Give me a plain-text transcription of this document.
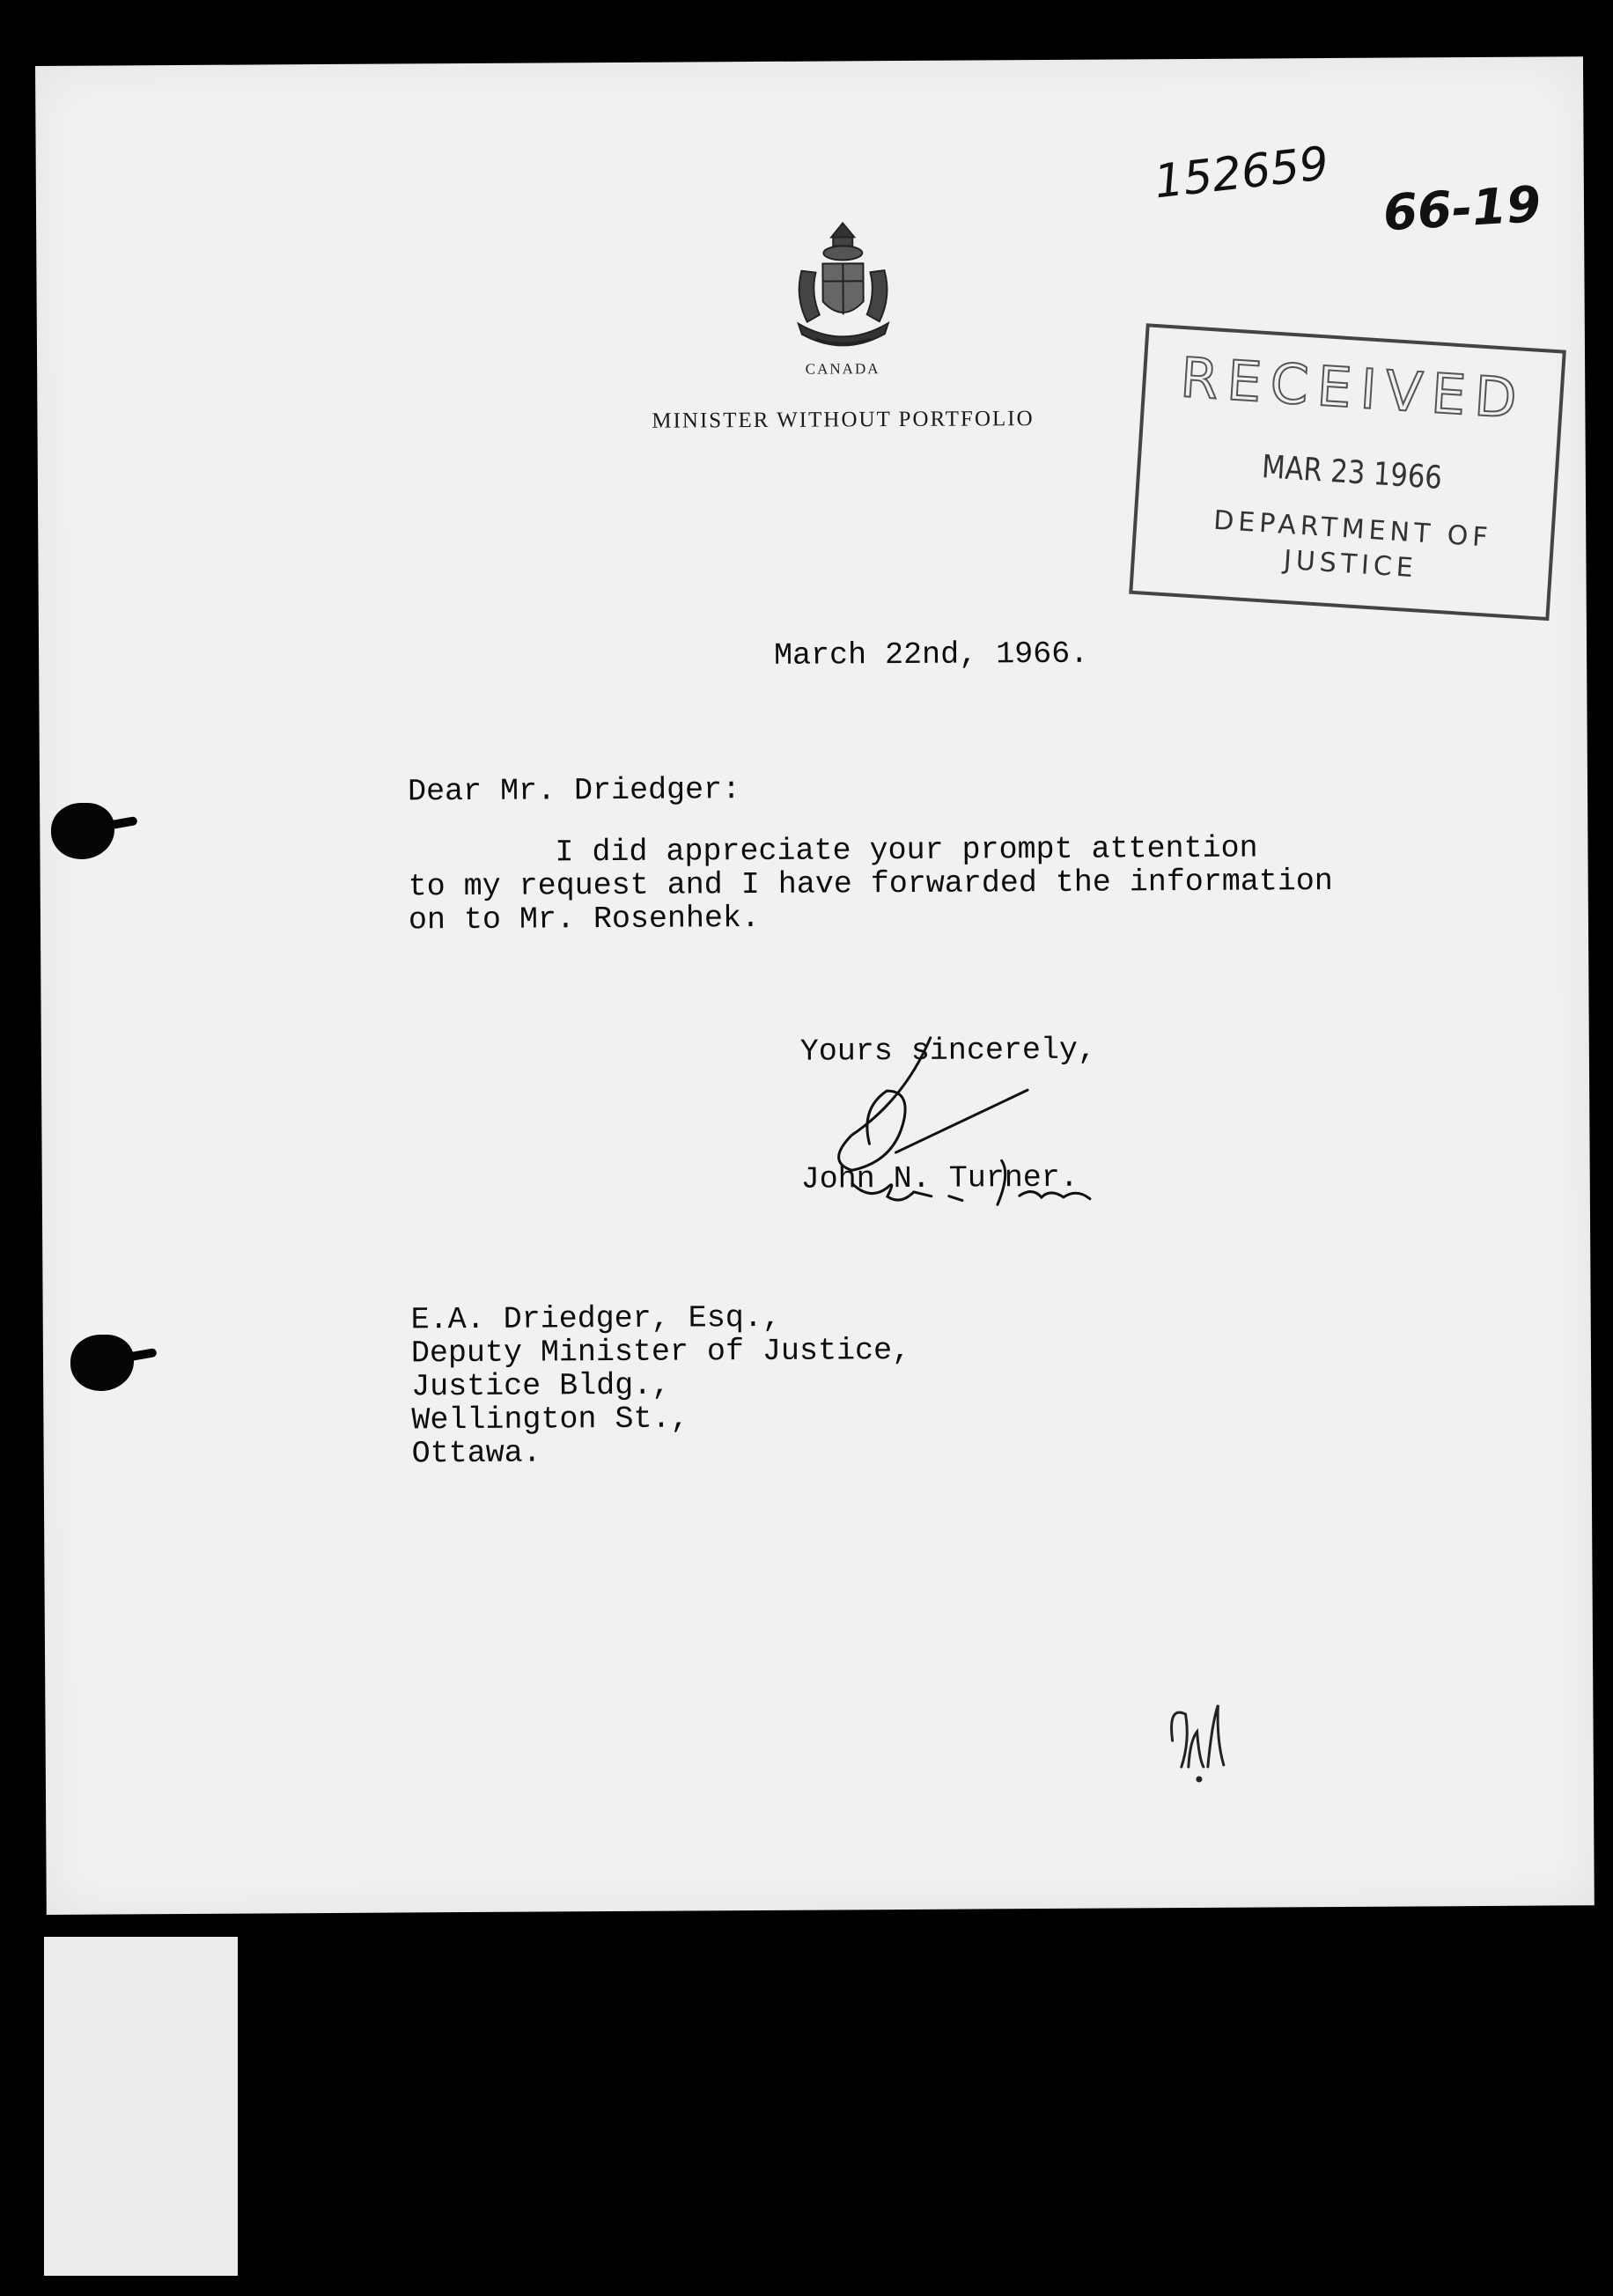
CANADA
MINISTER WITHOUT PORTFOLIO
152659
66-19
RECEIVED
MAR 23 1966
DEPARTMENT OF
JUSTICE
March 22nd, 1966.
Dear Mr. Driedger:
I did appreciate your prompt attention
to my request and I have forwarded the information
on to Mr. Rosenhek.
Yours sincerely,
John N. Turner.
E.A. Driedger, Esq.,
Deputy Minister of Justice,
Justice Bldg.,
Wellington St.,
Ottawa.
